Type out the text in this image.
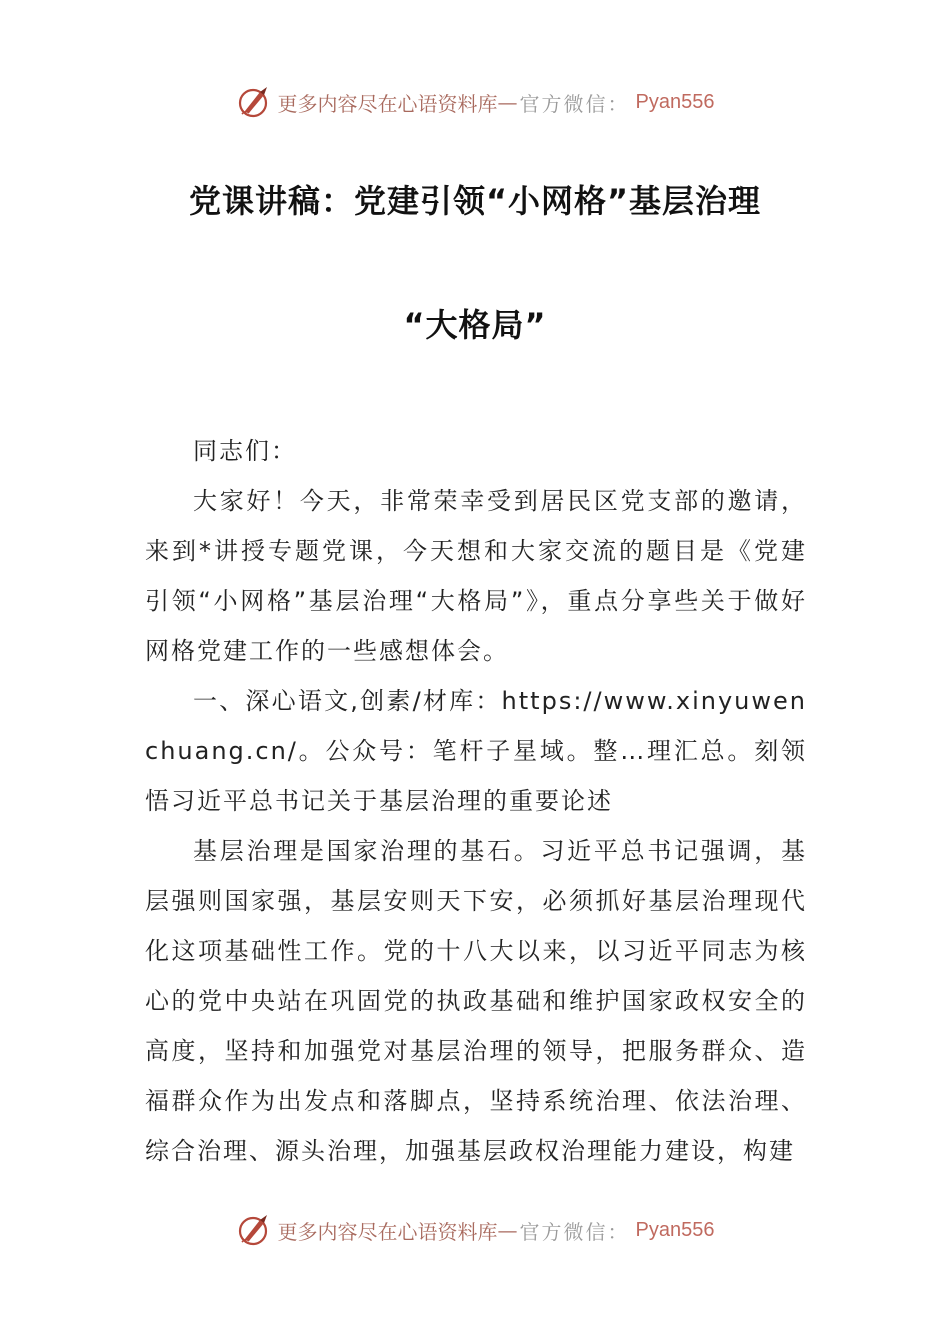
更多内容尽在心语资料库 — 官方微信： Pyan556
党课讲稿：党建引领“小网格”基层治理
“大格局”

同志们：

大家好！今天，非常荣幸受到居民区党支部的邀请，来到*讲授专题党课，今天想和大家交流的题目是《党建引领“小网格”基层治理“大格局”》，重点分享些关于做好网格党建工作的一些感想体会。

一、深心语文,创素/材库：https://www.xinyuwenchuang.cn/。公众号：笔杆子星域。整…理汇总。刻领悟习近平总书记关于基层治理的重要论述

基层治理是国家治理的基石。习近平总书记强调，基层强则国家强，基层安则天下安，必须抓好基层治理现代化这项基础性工作。党的十八大以来，以习近平同志为核心的党中央站在巩固党的执政基础和维护国家政权安全的高度，坚持和加强党对基层治理的领导，把服务群众、造福群众作为出发点和落脚点，坚持系统治理、依法治理、综合治理、源头治理，加强基层政权治理能力建设，构建

更多内容尽在心语资料库 — 官方微信： Pyan556
